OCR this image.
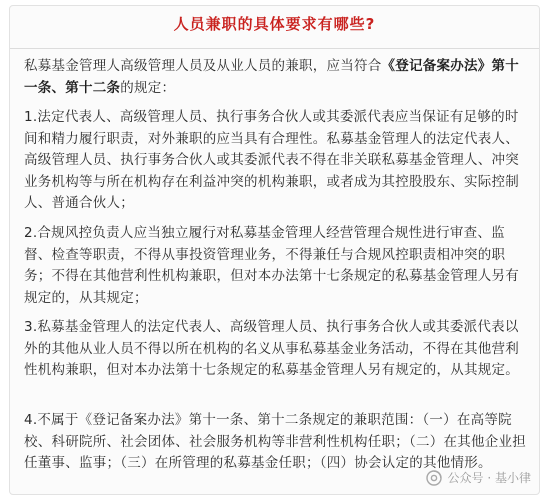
人员兼职的具体要求有哪些?

私募基金管理人高级管理人员及从业人员的兼职，应当符合《登记备案办法》第十一条、第十二条的规定：

1.法定代表人、高级管理人员、执行事务合伙人或其委派代表应当保证有足够的时间和精力履行职责，对外兼职的应当具有合理性。私募基金管理人的法定代表人、高级管理人员、执行事务合伙人或其委派代表不得在非关联私募基金管理人、冲突业务机构等与所在机构存在利益冲突的机构兼职，或者成为其控股股东、实际控制人、普通合伙人；

2.合规风控负责人应当独立履行对私募基金管理人经营管理合规性进行审查、监督、检查等职责，不得从事投资管理业务，不得兼任与合规风控职责相冲突的职务；不得在其他营利性机构兼职，但对本办法第十七条规定的私募基金管理人另有规定的，从其规定；

3.私募基金管理人的法定代表人、高级管理人员、执行事务合伙人或其委派代表以外的其他从业人员不得以所在机构的名义从事私募基金业务活动，不得在其他营利性机构兼职，但对本办法第十七条规定的私募基金管理人另有规定的，从其规定。

4.不属于《登记备案办法》第十一条、第十二条规定的兼职范围：（一）在高等院校、科研院所、社会团体、社会服务机构等非营利性机构任职；（二）在其他企业担任董事、监事；（三）在所管理的私募基金任职；（四）协会认定的其他情形。

公众号 · 基小律
